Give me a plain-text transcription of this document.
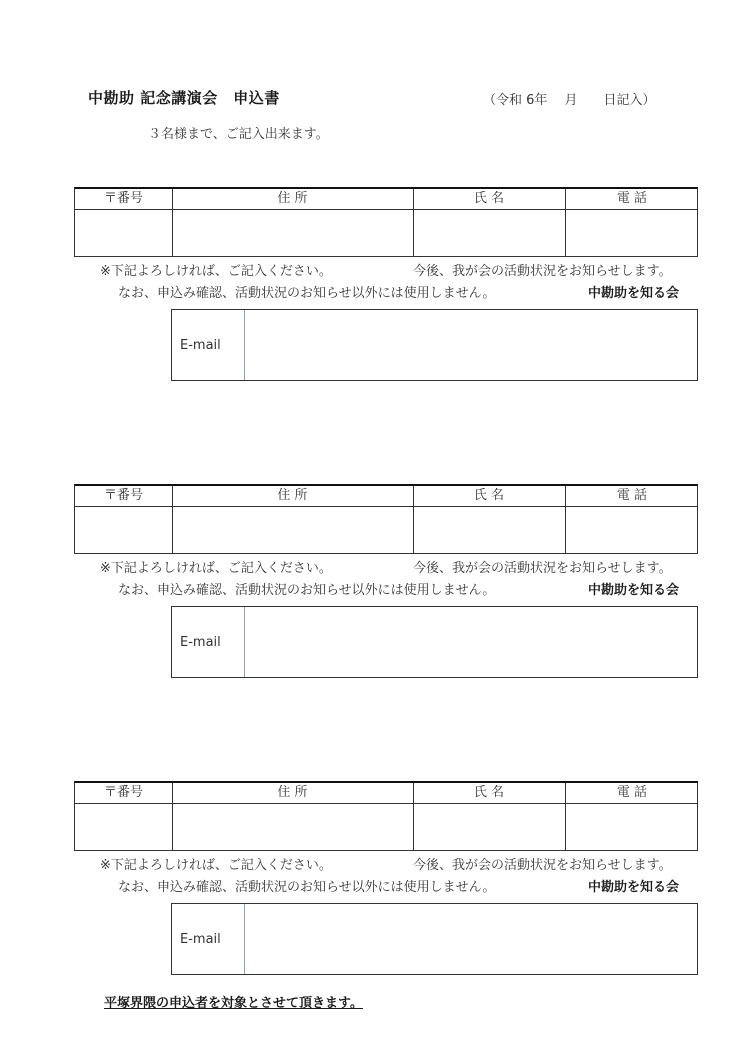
中勘助 記念講演会　申込書	（令和 6年　 月　　日記入）
３名様まで、ご記入出来ます。
〒番号	住 所	氏 名	電 話
※下記よろしければ、ご記入ください。	今後、我が会の活動状況をお知らせします。
なお、申込み確認、活動状況のお知らせ以外には使用しません。	中勘助を知る会
E-mail
〒番号	住 所	氏 名	電 話
※下記よろしければ、ご記入ください。	今後、我が会の活動状況をお知らせします。
なお、申込み確認、活動状況のお知らせ以外には使用しません。	中勘助を知る会
E-mail
〒番号	住 所	氏 名	電 話
※下記よろしければ、ご記入ください。	今後、我が会の活動状況をお知らせします。
なお、申込み確認、活動状況のお知らせ以外には使用しません。	中勘助を知る会
E-mail
平塚界隈の申込者を対象とさせて頂きます。
